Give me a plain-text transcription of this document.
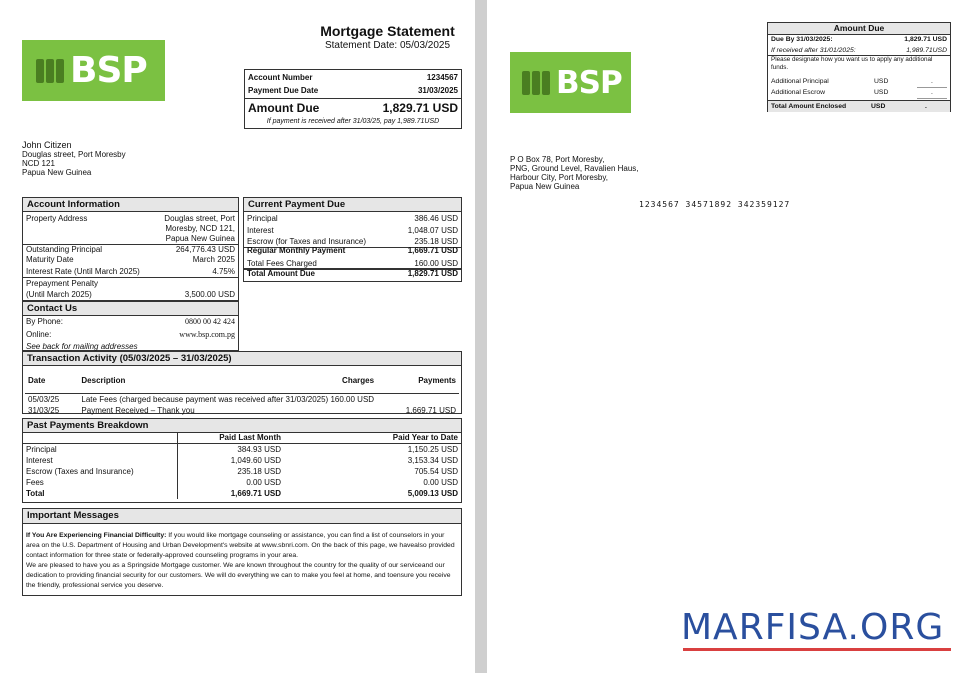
BSP
Mortgage Statement
Statement Date: 05/03/2025
Account Number	1234567
Payment Due Date	31/03/2025
Amount Due	1,829.71 USD
If payment is received after 31/03/25, pay 1,989.71USD
John Citizen
Douglas street, Port Moresby
NCD 121
Papua New Guinea
Account Information
Property Address	Douglas street, Port
Moresby, NCD 121,
Papua New Guinea
Outstanding Principal	264,776.43 USD
Maturity Date	March 2025
Interest Rate (Until March 2025)	4.75%
Prepayment Penalty
(Until March 2025)	3,500.00 USD
Contact Us
By Phone:	0800 00 42 424
Online:	www.bsp.com.pg
See back for mailing addresses
Current Payment Due
Principal	386.46 USD
Interest	1,048.07 USD
Escrow (for Taxes and Insurance)	235.18 USD
Regular Monthly Payment	1,669.71 USD
Total Fees Charged	160.00 USD
Total Amount Due	1,829.71 USD
Transaction Activity (05/03/2025 – 31/03/2025)
Date	Description	Charges	Payments

05/03/25	Late Fees (charged because payment was received after 31/03/2025) 160.00 USD		
31/03/25	Payment Received – Thank you		1,669.71 USD
Past Payments Breakdown
	Paid Last Month	Paid Year to Date
Principal	384.93 USD	1,150.25 USD
Interest	1,049.60 USD	3,153.34 USD
Escrow (Taxes and Insurance)	235.18 USD	705.54 USD
Fees	0.00 USD	0.00 USD
Total	1,669.71 USD	5,009.13 USD
Important Messages
If You Are Experiencing Financial Difficulty: If you would like mortgage counseling or assistance, you can find a list of counselors in your area on the U.S. Department of Housing and Urban Development's website at www.sbnri.com. On the back of this page, we havealso provided contact information for three state or federally-approved counseling programs in your area.
We are pleased to have you as a Springside Mortgage customer. We are known throughout the country for the quality of our serviceand our dedication to providing financial security for our customers. We will do everything we can to make you feel at home, and toensure you receive the friendly, professional service you deserve.
Amount Due
Due By 31/03/2025:	1,829.71 USD
If received after 31/01/2025:	1,989.71USD
Please designate how you want us to apply any additional funds.
Additional Principal	USD	.
Additional Escrow	USD	.
Total Amount Enclosed	USD	.
BSP
P O Box 78, Port Moresby,
PNG, Ground Level, Ravalien Haus,
Harbour City, Port Moresby,
Papua New Guinea
1234567 34571892 342359127
MARFISA.ORG
